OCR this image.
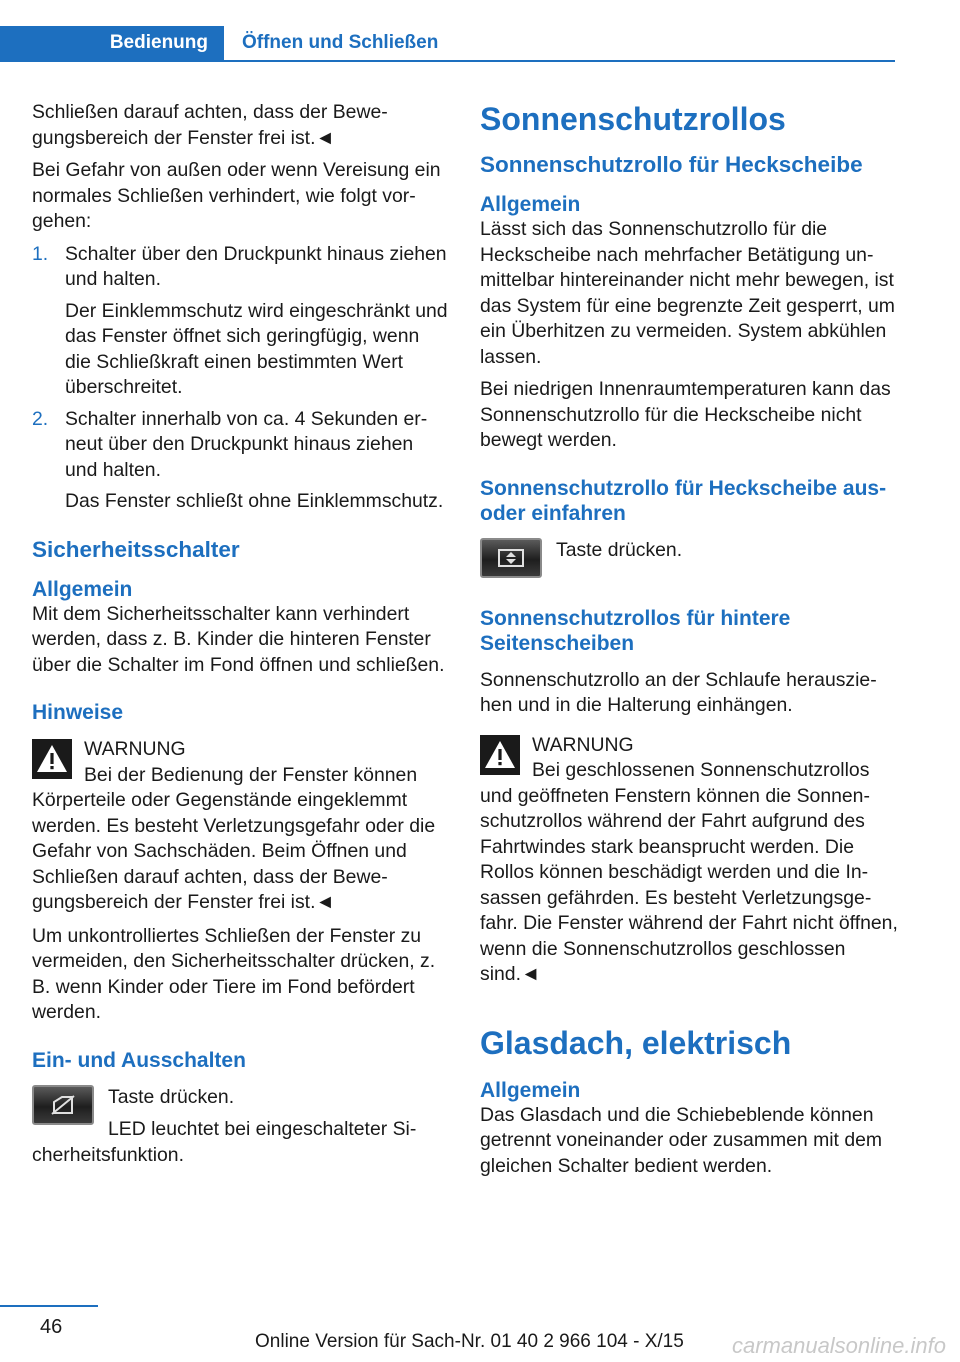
Bedienung	Öffnen und Schließen

Schließen darauf achten, dass der Bewegungsbereich der Fenster frei ist.◄

Bei Gefahr von außen oder wenn Vereisung ein normales Schließen verhindert, wie folgt vorgehen:

1. Schalter über den Druckpunkt hinaus ziehen und halten.

Der Einklemmschutz wird eingeschränkt und das Fenster öffnet sich geringfügig, wenn die Schließkraft einen bestimmten Wert überschreitet.

2. Schalter innerhalb von ca. 4 Sekunden erneut über den Druckpunkt hinaus ziehen und halten.

Das Fenster schließt ohne Einklemmschutz.

Sicherheitsschalter
Allgemein

Mit dem Sicherheitsschalter kann verhindert werden, dass z. B. Kinder die hinteren Fenster über die Schalter im Fond öffnen und schließen.

Hinweise
WARNUNG

Bei der Bedienung der Fenster können Körperteile oder Gegenstände eingeklemmt werden. Es besteht Verletzungsgefahr oder die Gefahr von Sachschäden. Beim Öffnen und Schließen darauf achten, dass der Bewegungsbereich der Fenster frei ist.◄

Um unkontrolliertes Schließen der Fenster zu vermeiden, den Sicherheitsschalter drücken, z. B. wenn Kinder oder Tiere im Fond befördert werden.

Ein- und Ausschalten

Taste drücken.

LED leuchtet bei eingeschalteter Sicherheitsfunktion.

Sonnenschutzrollos
Sonnenschutzrollo für Heckscheibe
Allgemein

Lässt sich das Sonnenschutzrollo für die Heckscheibe nach mehrfacher Betätigung unmittelbar hintereinander nicht mehr bewegen, ist das System für eine begrenzte Zeit gesperrt, um ein Überhitzen zu vermeiden. System abkühlen lassen.

Bei niedrigen Innenraumtemperaturen kann das Sonnenschutzrollo für die Heckscheibe nicht bewegt werden.

Sonnenschutzrollo für Heckscheibe aus- oder einfahren

Taste drücken.

Sonnenschutzrollos für hintere Seitenscheiben

Sonnenschutzrollo an der Schlaufe herausziehen und in die Halterung einhängen.

WARNUNG

Bei geschlossenen Sonnenschutzrollos und geöffneten Fenstern können die Sonnenschutzrollos während der Fahrt aufgrund des Fahrtwindes stark beansprucht werden. Die Rollos können beschädigt werden und die Insassen gefährden. Es besteht Verletzungsgefahr. Die Fenster während der Fahrt nicht öffnen, wenn die Sonnenschutzrollos geschlossen sind.◄

Glasdach, elektrisch
Allgemein

Das Glasdach und die Schiebeblende können getrennt voneinander oder zusammen mit dem gleichen Schalter bedient werden.

46
Online Version für Sach-Nr. 01 40 2 966 104 - X/15 carmanualsonline.info
